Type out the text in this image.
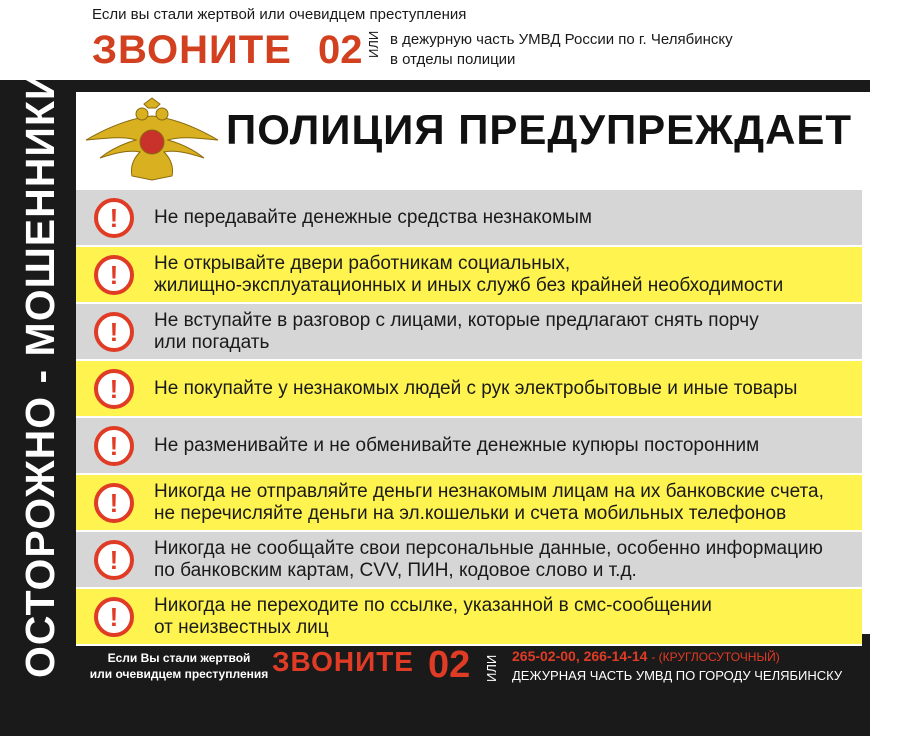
Если вы стали жертвой или очевидцем преступления
ЗВОНИТЕ 02 ИЛИ в дежурную часть УМВД России по г. Челябинску
в отделы полиции
ОСТОРОЖНО - МОШЕННИКИ!	ПОЛИЦИЯ ПРЕДУПРЕЖДАЕТ
! Не передавайте денежные средства незнакомым
! Не открывайте двери работникам социальных,
жилищно-эксплуатационных и иных служб без крайней необходимости
! Не вступайте в разговор с лицами, которые предлагают снять порчу
или погадать
! Не покупайте у незнакомых людей с рук электробытовые и иные товары
! Не разменивайте и не обменивайте денежные купюры посторонним
! Никогда не отправляйте деньги незнакомым лицам на их банковские счета,
не перечисляйте деньги на эл.кошельки и счета мобильных телефонов
! Никогда не сообщайте свои персональные данные, особенно информацию
по банковским картам, CVV, ПИН, кодовое слово и т.д.
! Никогда не переходите по ссылке, указанной в смс-сообщении
от неизвестных лиц
Если Вы стали жертвой
или очевидцем преступления ЗВОНИТЕ 02 ИЛИ 265-02-00, 266-14-14 - (КРУГЛОСУТОЧНЫЙ)
ДЕЖУРНАЯ ЧАСТЬ УМВД ПО ГОРОДУ ЧЕЛЯБИНСКУ
